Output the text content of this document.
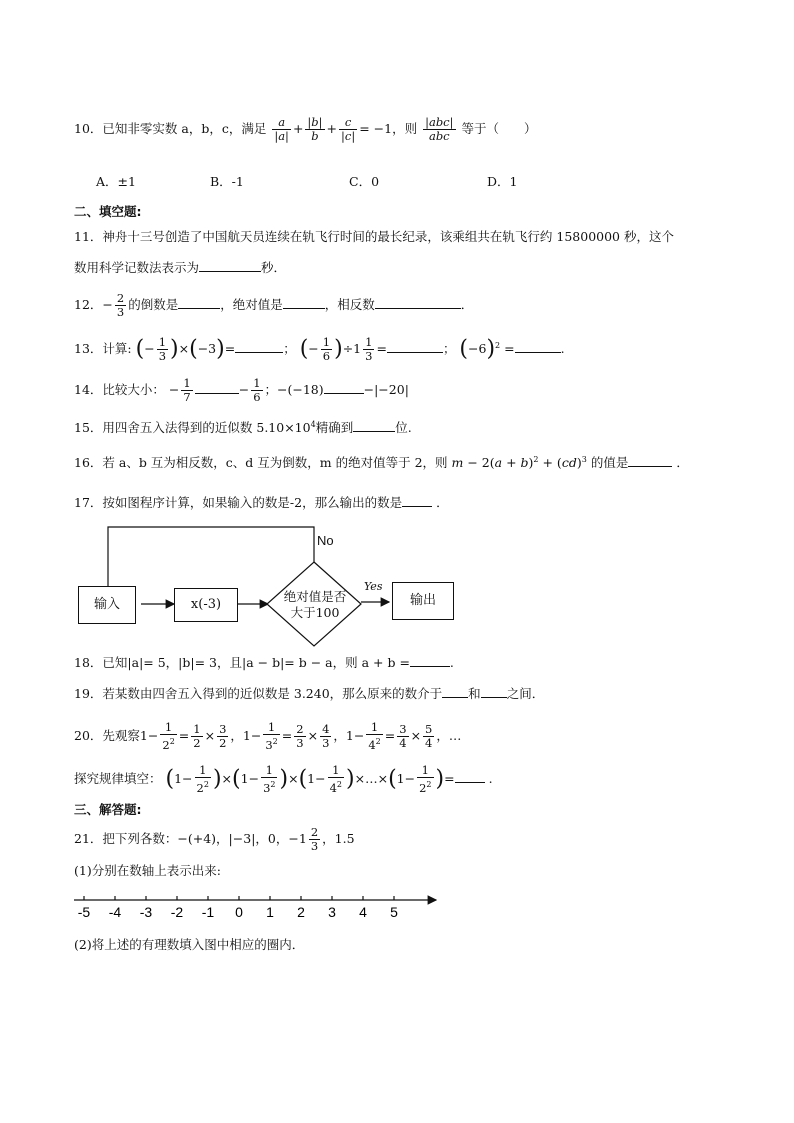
10．已知非零实数 a，b，c，满足 $\frac{a}{|a|} + \frac{|b|}{b} + \frac{c}{|c|} = -1$，则 $\frac{\text{|abc|}}{\text{abc}}$ 等于（　　）
A．±1	B．-1	C．0	D．1
二、填空题:
11．神舟十三号创造了中国航天员连续在轨飞行时间的最长纪录，该乘组共在轨飞行约 15800000 秒，这个
数用科学记数法表示为	秒．
12．− $\frac{2}{3}$ 的倒数是	，绝对值是	，相反数	．
13．计算: (− $\frac{1}{3} )\times(-3)=$	； (− $\frac{1}{6} )\div 1 \frac{1}{3}$ =	； $(-6)^2$ =	.
14．比较大小： − $\frac{1}{7}$	− $\frac{1}{6}$ ；−(−18)	−|−20|
15．用四舍五入法得到的近似数 $5.10\times 10^4$精确到	位.
16．若 a、b 互为相反数，c、d 互为倒数，m 的绝对值等于 2，则 $m - 2(a + b)^2 + (cd)^3$ 的值是	．
17．按如图程序计算，如果输入的数是-2，那么输出的数是	．
No
Yes
输入	x(-3)
绝对值是否
大于100
输出
18．已知|a|= 5，|b|= 3，且|a − b|= b − a，则 a + b =	.
19．若某数由四舍五入得到的近似数是 3.240，那么原来的数介于 和 之间．
20．先观察$1- \frac{1}{2^2} = \frac{1}{2} \times \frac{3}{2}$ ，$1- \frac{1}{3^2} = \frac{2}{3} \times \frac{4}{3}$ ，$1- \frac{1}{4^2} = \frac{3}{4} \times \frac{5}{4}$ ，…
探究规律填空： $(1- \frac{1}{2^2} )\times(1- \frac{1}{3^2} )\times(1- \frac{1}{4^2}$ )×…×(1− $\frac{1}{2^2}$ )= .
三、解答题:
21．把下列各数：−(+4)，|−3|，0，$-1 \frac{2}{3}$ ，1.5
(1)分别在数轴上表示出来:
-5 -4 -3 -2 -1 0 1 2 3 4 5
(2)将上述的有理数填入图中相应的圈内．
